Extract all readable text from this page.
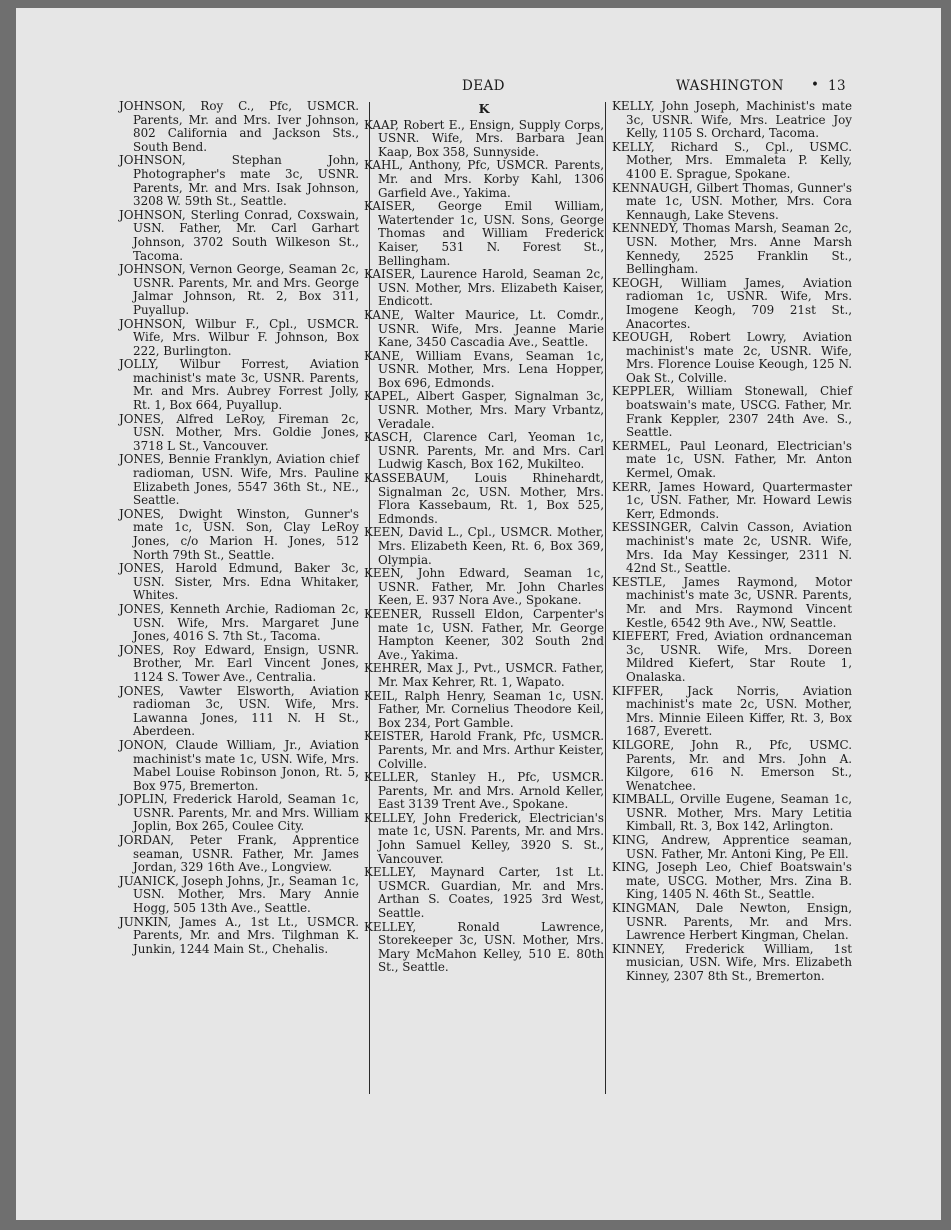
DEAD	WASHINGTON • 13

JOHNSON, Roy C., Pfc, USMCR. Parents, Mr. and Mrs. Iver Johnson, 802 California and Jackson Sts., South Bend.

JOHNSON, Stephan John, Photographer's mate 3c, USNR. Parents, Mr. and Mrs. Isak Johnson, 3208 W. 59th St., Seattle.

JOHNSON, Sterling Conrad, Coxswain, USN. Father, Mr. Carl Garhart Johnson, 3702 South Wilkeson St., Tacoma.

JOHNSON, Vernon George, Seaman 2c, USNR. Parents, Mr. and Mrs. George Jalmar Johnson, Rt. 2, Box 311, Puyallup.

JOHNSON, Wilbur F., Cpl., USMCR. Wife, Mrs. Wilbur F. Johnson, Box 222, Burlington.

JOLLY, Wilbur Forrest, Aviation machinist's mate 3c, USNR. Parents, Mr. and Mrs. Aubrey Forrest Jolly, Rt. 1, Box 664, Puyallup.

JONES, Alfred LeRoy, Fireman 2c, USN. Mother, Mrs. Goldie Jones, 3718 L St., Vancouver.

JONES, Bennie Franklyn, Aviation chief radioman, USN. Wife, Mrs. Pauline Elizabeth Jones, 5547 36th St., NE., Seattle.

JONES, Dwight Winston, Gunner's mate 1c, USN. Son, Clay LeRoy Jones, c/o Marion H. Jones, 512 North 79th St., Seattle.

JONES, Harold Edmund, Baker 3c, USN. Sister, Mrs. Edna Whitaker, Whites.

JONES, Kenneth Archie, Radioman 2c, USN. Wife, Mrs. Margaret June Jones, 4016 S. 7th St., Tacoma.

JONES, Roy Edward, Ensign, USNR. Brother, Mr. Earl Vincent Jones, 1124 S. Tower Ave., Centralia.

JONES, Vawter Elsworth, Aviation radioman 3c, USN. Wife, Mrs. Lawanna Jones, 111 N. H St., Aberdeen.

JONON, Claude William, Jr., Aviation machinist's mate 1c, USN. Wife, Mrs. Mabel Louise Robinson Jonon, Rt. 5, Box 975, Bremerton.

JOPLIN, Frederick Harold, Seaman 1c, USNR. Parents, Mr. and Mrs. William Joplin, Box 265, Coulee City.

JORDAN, Peter Frank, Apprentice seaman, USNR. Father, Mr. James Jordan, 329 16th Ave., Longview.

JUANICK, Joseph Johns, Jr., Seaman 1c, USN. Mother, Mrs. Mary Annie Hogg, 505 13th Ave., Seattle.

JUNKIN, James A., 1st Lt., USMCR. Parents, Mr. and Mrs. Tilghman K. Junkin, 1244 Main St., Chehalis.

K

KAAP, Robert E., Ensign, Supply Corps, USNR. Wife, Mrs. Barbara Jean Kaap, Box 358, Sunnyside.

KAHL, Anthony, Pfc, USMCR. Parents, Mr. and Mrs. Korby Kahl, 1306 Garfield Ave., Yakima.

KAISER, George Emil William, Watertender 1c, USN. Sons, George Thomas and William Frederick Kaiser, 531 N. Forest St., Bellingham.

KAISER, Laurence Harold, Seaman 2c, USN. Mother, Mrs. Elizabeth Kaiser, Endicott.

KANE, Walter Maurice, Lt. Comdr., USNR. Wife, Mrs. Jeanne Marie Kane, 3450 Cascadia Ave., Seattle.

KANE, William Evans, Seaman 1c, USNR. Mother, Mrs. Lena Hopper, Box 696, Edmonds.

KAPEL, Albert Gasper, Signalman 3c, USNR. Mother, Mrs. Mary Vrbantz, Veradale.

KASCH, Clarence Carl, Yeoman 1c, USNR. Parents, Mr. and Mrs. Carl Ludwig Kasch, Box 162, Mukilteo.

KASSEBAUM, Louis Rhinehardt, Signalman 2c, USN. Mother, Mrs. Flora Kassebaum, Rt. 1, Box 525, Edmonds.

KEEN, David L., Cpl., USMCR. Mother, Mrs. Elizabeth Keen, Rt. 6, Box 369, Olympia.

KEEN, John Edward, Seaman 1c, USNR. Father, Mr. John Charles Keen, E. 937 Nora Ave., Spokane.

KEENER, Russell Eldon, Carpenter's mate 1c, USN. Father, Mr. George Hampton Keener, 302 South 2nd Ave., Yakima.

KEHRER, Max J., Pvt., USMCR. Father, Mr. Max Kehrer, Rt. 1, Wapato.

KEIL, Ralph Henry, Seaman 1c, USN. Father, Mr. Cornelius Theodore Keil, Box 234, Port Gamble.

KEISTER, Harold Frank, Pfc, USMCR. Parents, Mr. and Mrs. Arthur Keister, Colville.

KELLER, Stanley H., Pfc, USMCR. Parents, Mr. and Mrs. Arnold Keller, East 3139 Trent Ave., Spokane.

KELLEY, John Frederick, Electrician's mate 1c, USN. Parents, Mr. and Mrs. John Samuel Kelley, 3920 S. St., Vancouver.

KELLEY, Maynard Carter, 1st Lt. USMCR. Guardian, Mr. and Mrs. Arthan S. Coates, 1925 3rd West, Seattle.

KELLEY, Ronald Lawrence, Storekeeper 3c, USN. Mother, Mrs. Mary McMahon Kelley, 510 E. 80th St., Seattle.

KELLY, John Joseph, Machinist's mate 3c, USNR. Wife, Mrs. Leatrice Joy Kelly, 1105 S. Orchard, Tacoma.

KELLY, Richard S., Cpl., USMC. Mother, Mrs. Emmaleta P. Kelly, 4100 E. Sprague, Spokane.

KENNAUGH, Gilbert Thomas, Gunner's mate 1c, USN. Mother, Mrs. Cora Kennaugh, Lake Stevens.

KENNEDY, Thomas Marsh, Seaman 2c, USN. Mother, Mrs. Anne Marsh Kennedy, 2525 Franklin St., Bellingham.

KEOGH, William James, Aviation radioman 1c, USNR. Wife, Mrs. Imogene Keogh, 709 21st St., Anacortes.

KEOUGH, Robert Lowry, Aviation machinist's mate 2c, USNR. Wife, Mrs. Florence Louise Keough, 125 N. Oak St., Colville.

KEPPLER, William Stonewall, Chief boatswain's mate, USCG. Father, Mr. Frank Keppler, 2307 24th Ave. S., Seattle.

KERMEL, Paul Leonard, Electrician's mate 1c, USN. Father, Mr. Anton Kermel, Omak.

KERR, James Howard, Quartermaster 1c, USN. Father, Mr. Howard Lewis Kerr, Edmonds.

KESSINGER, Calvin Casson, Aviation machinist's mate 2c, USNR. Wife, Mrs. Ida May Kessinger, 2311 N. 42nd St., Seattle.

KESTLE, James Raymond, Motor machinist's mate 3c, USNR. Parents, Mr. and Mrs. Raymond Vincent Kestle, 6542 9th Ave., NW, Seattle.

KIEFERT, Fred, Aviation ordnanceman 3c, USNR. Wife, Mrs. Doreen Mildred Kiefert, Star Route 1, Onalaska.

KIFFER, Jack Norris, Aviation machinist's mate 2c, USN. Mother, Mrs. Minnie Eileen Kiffer, Rt. 3, Box 1687, Everett.

KILGORE, John R., Pfc, USMC. Parents, Mr. and Mrs. John A. Kilgore, 616 N. Emerson St., Wenatchee.

KIMBALL, Orville Eugene, Seaman 1c, USNR. Mother, Mrs. Mary Letitia Kimball, Rt. 3, Box 142, Arlington.

KING, Andrew, Apprentice seaman, USN. Father, Mr. Antoni King, Pe Ell.

KING, Joseph Leo, Chief Boatswain's mate, USCG. Mother, Mrs. Zina B. King, 1405 N. 46th St., Seattle.

KINGMAN, Dale Newton, Ensign, USNR. Parents, Mr. and Mrs. Lawrence Herbert Kingman, Chelan.

KINNEY, Frederick William, 1st musician, USN. Wife, Mrs. Elizabeth Kinney, 2307 8th St., Bremerton.
